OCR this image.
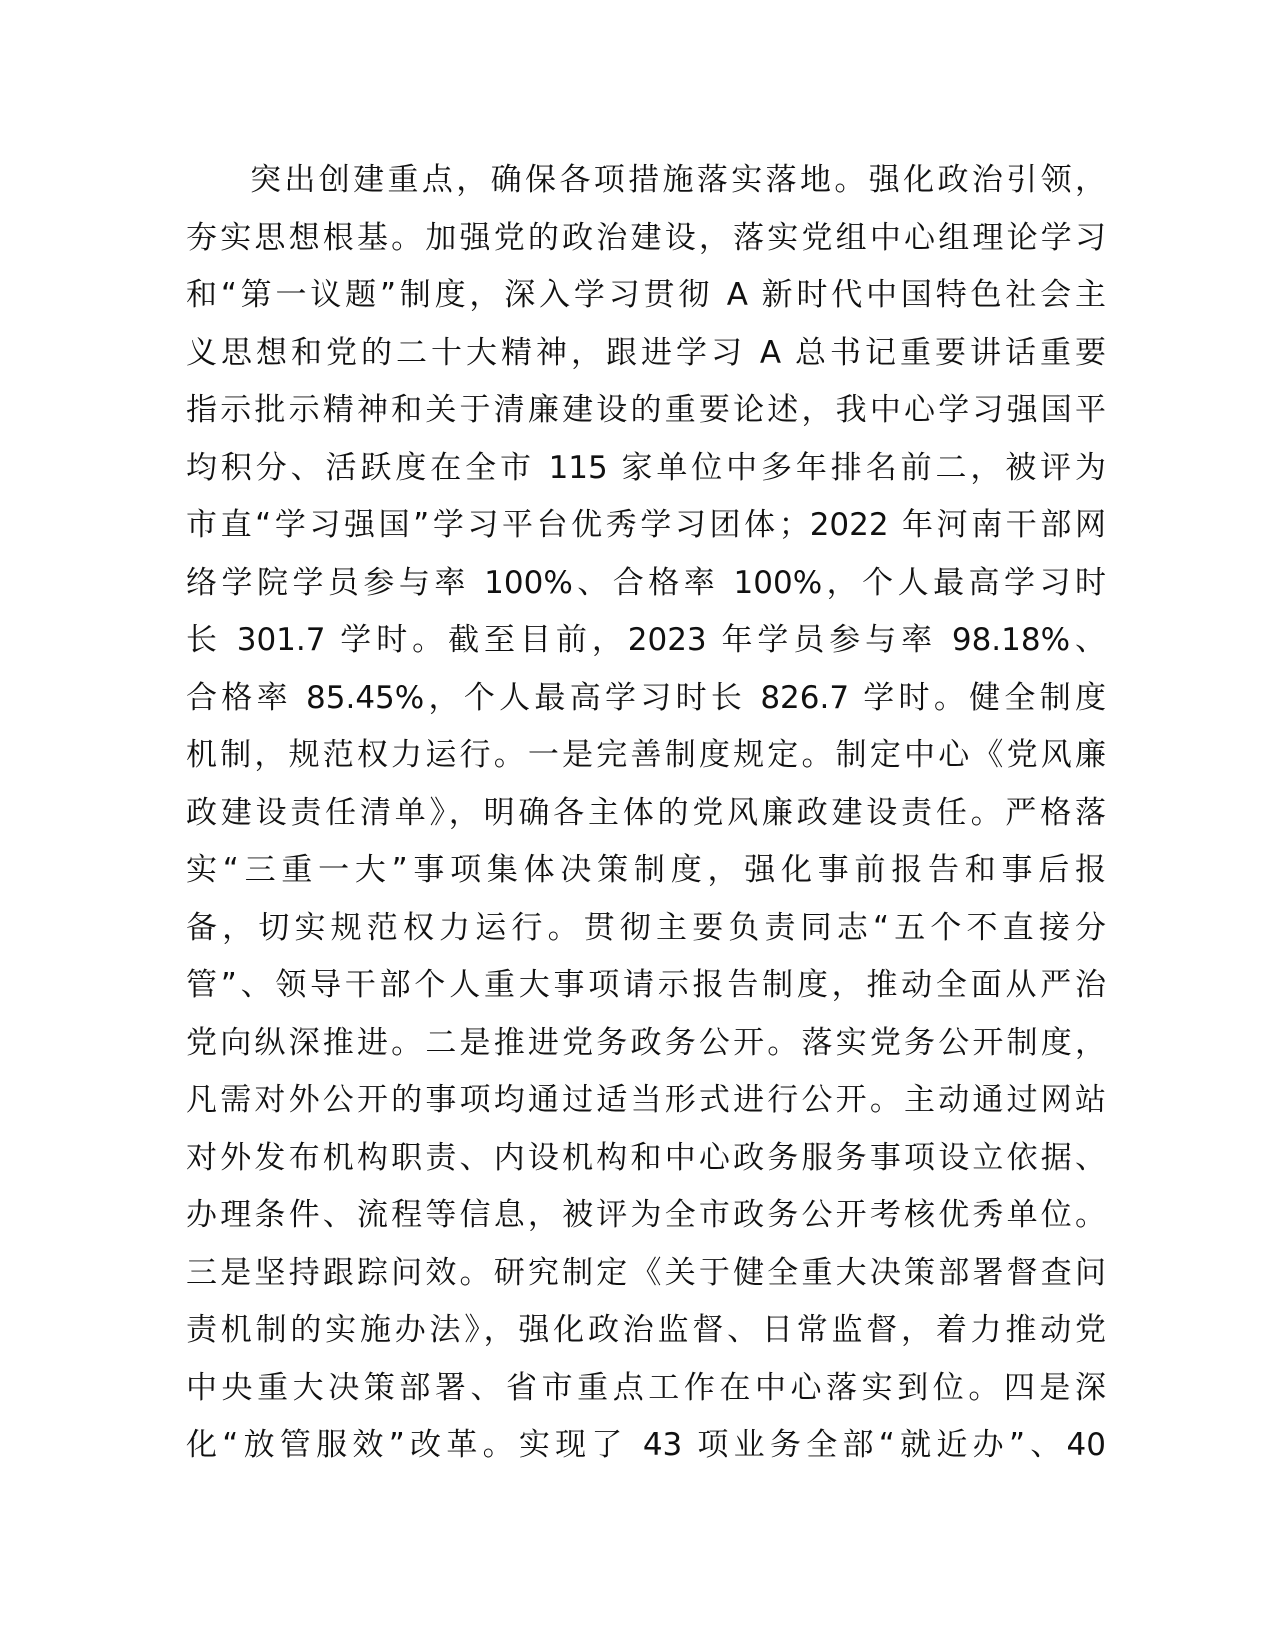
突出创建重点，确保各项措施落实落地。强化政治引领，
夯实思想根基。加强党的政治建设，落实党组中心组理论学习
和“第一议题”制度，深入学习贯彻 A 新时代中国特色社会主
义思想和党的二十大精神，跟进学习 A 总书记重要讲话重要
指示批示精神和关于清廉建设的重要论述，我中心学习强国平
均积分、活跃度在全市 115 家单位中多年排名前二，被评为
市直“学习强国”学习平台优秀学习团体；2022 年河南干部网
络学院学员参与率 100%、合格率 100%，个人最高学习时
长 301.7 学时。截至目前，2023 年学员参与率 98.18%、
合格率 85.45%，个人最高学习时长 826.7 学时。健全制度
机制，规范权力运行。一是完善制度规定。制定中心《党风廉
政建设责任清单》，明确各主体的党风廉政建设责任。严格落
实“三重一大”事项集体决策制度，强化事前报告和事后报
备，切实规范权力运行。贯彻主要负责同志“五个不直接分
管”、领导干部个人重大事项请示报告制度，推动全面从严治
党向纵深推进。二是推进党务政务公开。落实党务公开制度，
凡需对外公开的事项均通过适当形式进行公开。主动通过网站
对外发布机构职责、内设机构和中心政务服务事项设立依据、
办理条件、流程等信息，被评为全市政务公开考核优秀单位。
三是坚持跟踪问效。研究制定《关于健全重大决策部署督查问
责机制的实施办法》，强化政治监督、日常监督，着力推动党
中央重大决策部署、省市重点工作在中心落实到位。四是深
化“放管服效”改革。实现了 43 项业务全部“就近办”、40
